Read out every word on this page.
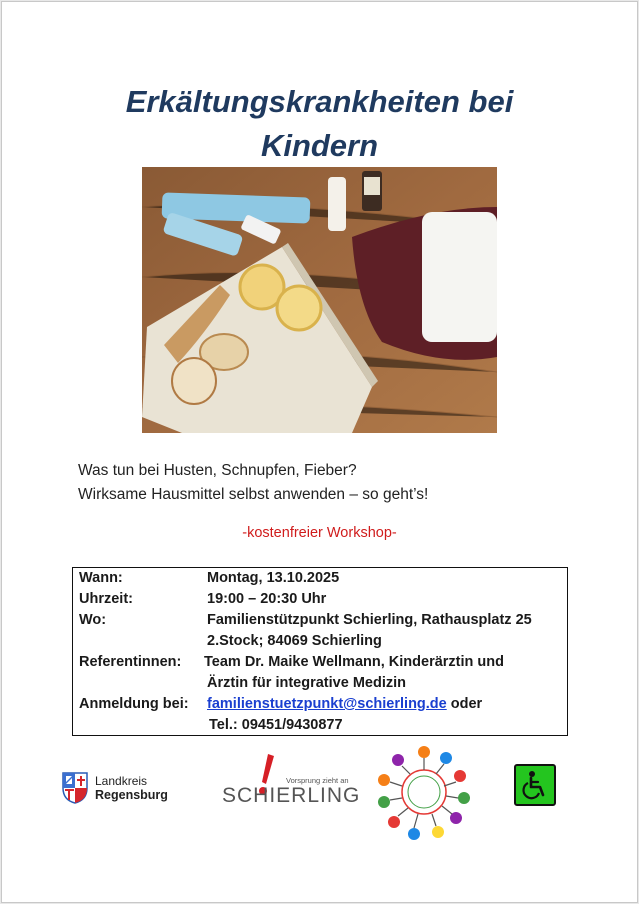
Erkältungskrankheiten bei
Kindern
Was tun bei Husten, Schnupfen, Fieber?
Wirksame Hausmittel selbst anwenden – so geht’s!
-kostenfreier Workshop-
Wann:	Montag, 13.10.2025
Uhrzeit:	19:00 – 20:30 Uhr
Wo:	Familienstützpunkt Schierling, Rathausplatz 25
2.Stock; 84069 Schierling
Referentinnen: Team Dr. Maike Wellmann, Kinderärztin und
Ärztin für integrative Medizin
Anmeldung bei: familienstuetzpunkt@schierling.de oder
Tel.: 09451/9430877
Landkreis
Regensburg
Vorsprung zieht an
SCHIERLING
